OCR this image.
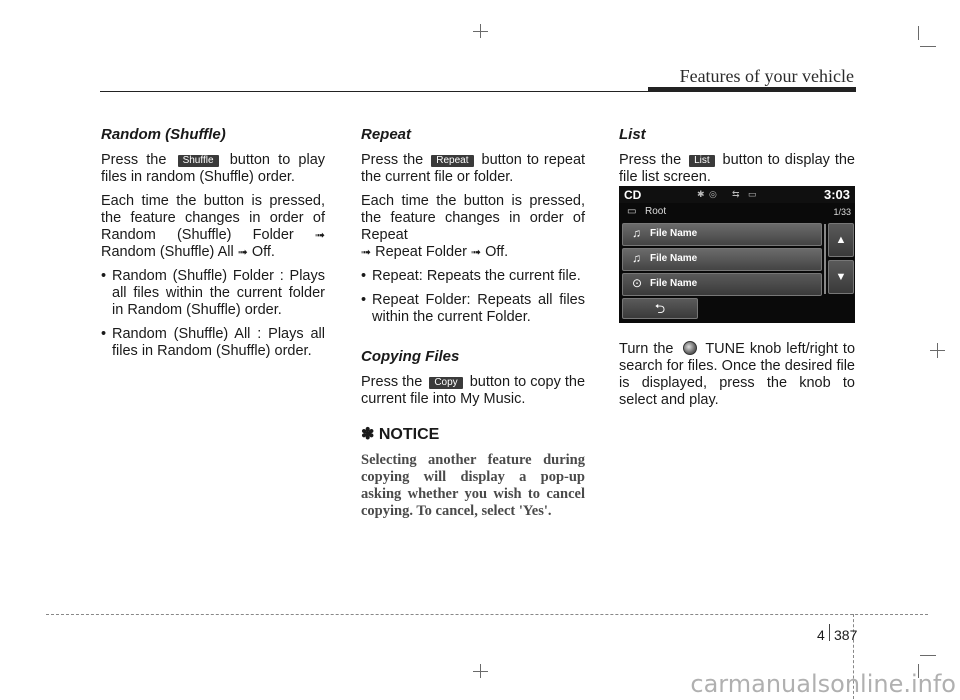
Features of your vehicle
Random (Shuffle)

Press the Shuffle button to play files in random (Shuffle) order.

Each time the button is pressed, the feature changes in order of Random (Shuffle) Folder ➟ Random (Shuffle) All ➟ Off.

• Random (Shuffle) Folder : Plays all files within the current folder in Random (Shuffle) order.
• Random (Shuffle) All : Plays all files in Random (Shuffle) order.
Repeat

Press the Repeat button to repeat the current file or folder.

Each time the button is pressed, the feature changes in order of Repeat
➟ Repeat Folder ➟ Off.

• Repeat: Repeats the current file.
• Repeat Folder: Repeats all files within the current Folder.
Copying Files

Press the Copy button to copy the current file into My Music.

✽ NOTICE

Selecting another feature during copying will display a pop-up asking whether you wish to cancel copying. To cancel, select 'Yes'.

List

Press the List button to display the file list screen.

CD	✱ ◎ ⇆ ▭	3:03
▭ Root	1/33
♫ File Name
♫ File Name
⊙ File Name
▲
▼
⮌

Turn the TUNE knob left/right to search for files. Once the desired file is displayed, press the knob to select and play.

4 387
carmanualsonline.info
